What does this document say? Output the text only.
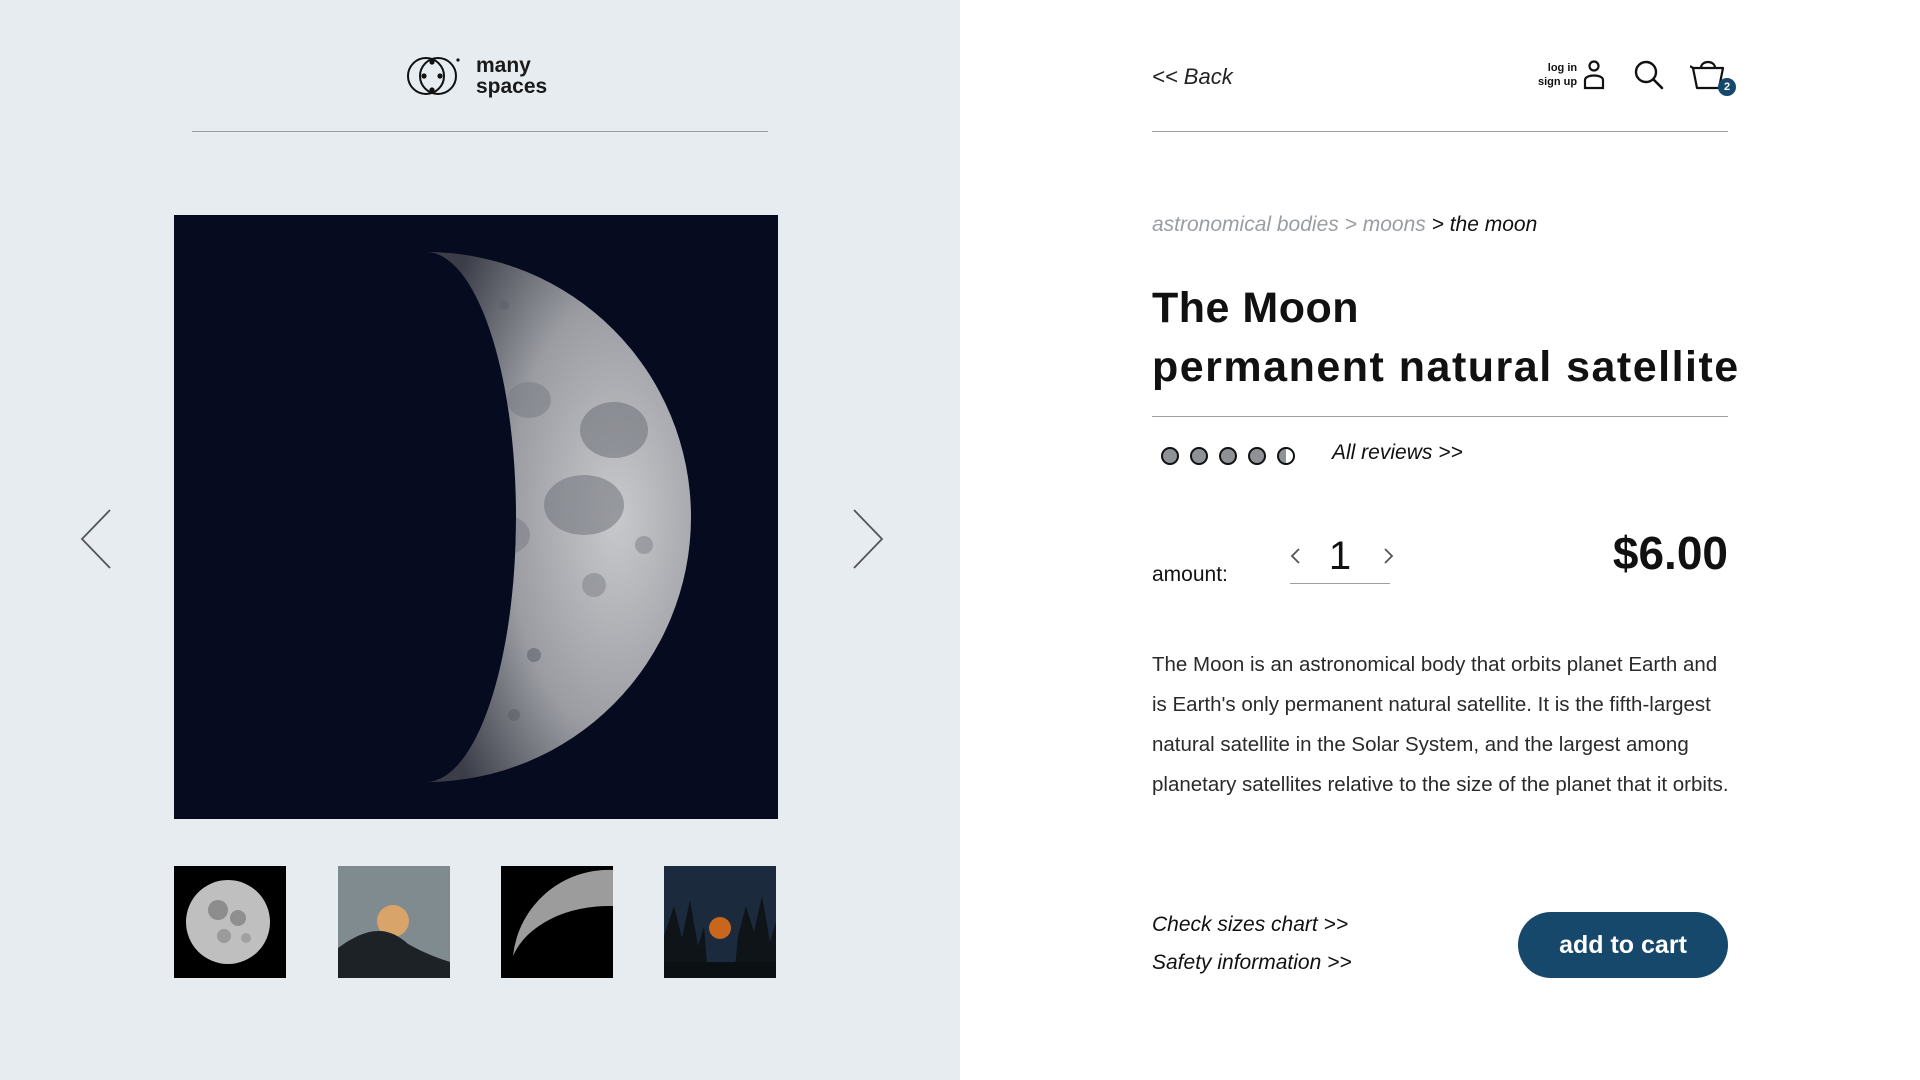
many
spaces	<< Back	log in
sign up	2
astronomical bodies > moons > the moon
The Moon
permanent natural satellite
All reviews >>
amount:
1	$6.00

The Moon is an astronomical body that orbits planet Earth and is Earth's only permanent natural satellite. It is the fifth-largest natural satellite in the Solar System, and the largest among planetary satellites relative to the size of the planet that it orbits.

Check sizes chart >>
Safety information >>
add to cart
